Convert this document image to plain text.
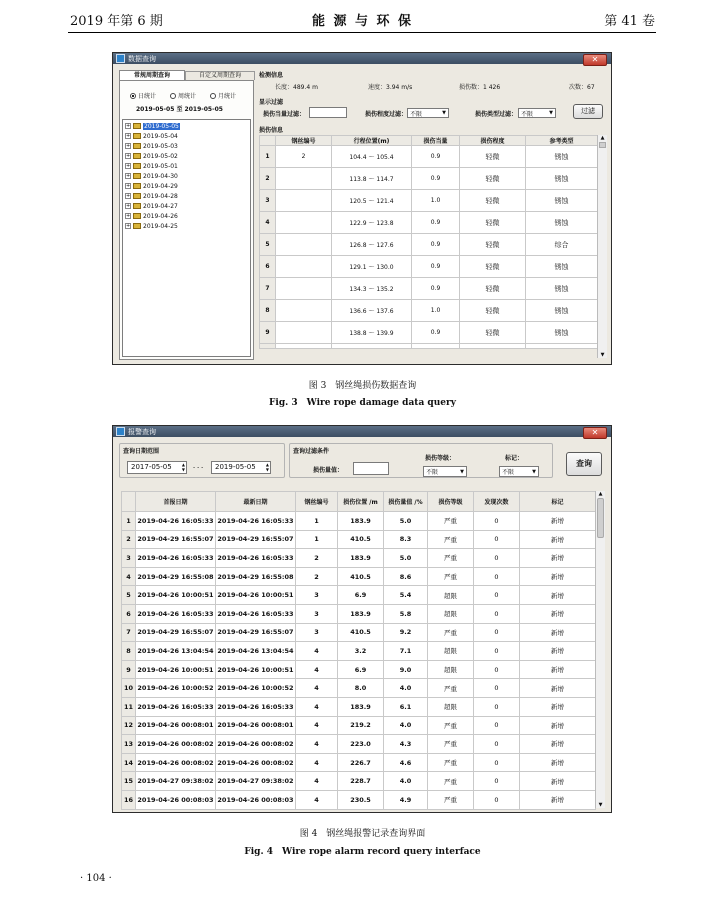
2019 年第 6 期	能 源 与 环 保	第 41 卷
数据查询	✕
常规周期查询	自定义周期查询
日统计	周统计	月统计
2019-05-05 至 2019-05-05
+ 2019-05-05
+ 2019-05-04
+ 2019-05-03
+ 2019-05-02
+ 2019-05-01
+ 2019-04-30
+ 2019-04-29
+ 2019-04-28
+ 2019-04-27
+ 2019-04-26
+ 2019-04-25
检测信息
长度：489.4 m	速度：3.94 m/s	损伤数：1 426	次数：67
显示过滤
损伤当量过滤：	损伤程度过滤： 不限
▼	损伤类型过滤： 不限
▼	过滤
损伤信息
	钢丝编号	行程位置(m)	损伤当量	损伤程度	参考类型
1	2	104.4 ～ 105.4	0.9	轻微	锈蚀
2		113.8 ～ 114.7	0.9	轻微	锈蚀
3		120.5 ～ 121.4	1.0	轻微	锈蚀
4		122.9 ～ 123.8	0.9	轻微	锈蚀
5		126.8 ～ 127.6	0.9	轻微	综合
6		129.1 ～ 130.0	0.9	轻微	锈蚀
7		134.3 ～ 135.2	0.9	轻微	锈蚀
8		136.6 ～ 137.6	1.0	轻微	锈蚀
9		138.8 ～ 139.9	0.9	轻微	锈蚀

▲
▼
图 3　钢丝绳损伤数据查询
Fig. 3　Wire rope damage data query
报警查询	✕
查询日期范围
2017-05-05	▲
▼ - - -	2019-05-05	▲
▼
查询过滤条件
损伤量值：
损伤等级：
不限
▼
标记：
不限
▼
查询
	首报日期	最新日期	钢丝编号	损伤位置 /m	损伤量值 /%	损伤等级	发现次数	标记
1	2019-04-26 16:05:33	2019-04-26 16:05:33	1	183.9	5.0	严重	0	新增
2	2019-04-29 16:55:07	2019-04-29 16:55:07	1	410.5	8.3	严重	0	新增
3	2019-04-26 16:05:33	2019-04-26 16:05:33	2	183.9	5.0	严重	0	新增
4	2019-04-29 16:55:08	2019-04-29 16:55:08	2	410.5	8.6	严重	0	新增
5	2019-04-26 10:00:51	2019-04-26 10:00:51	3	6.9	5.4	超限	0	新增
6	2019-04-26 16:05:33	2019-04-26 16:05:33	3	183.9	5.8	超限	0	新增
7	2019-04-29 16:55:07	2019-04-29 16:55:07	3	410.5	9.2	严重	0	新增
8	2019-04-26 13:04:54	2019-04-26 13:04:54	4	3.2	7.1	超限	0	新增
9	2019-04-26 10:00:51	2019-04-26 10:00:51	4	6.9	9.0	超限	0	新增
10	2019-04-26 10:00:52	2019-04-26 10:00:52	4	8.0	4.0	严重	0	新增
11	2019-04-26 16:05:33	2019-04-26 16:05:33	4	183.9	6.1	超限	0	新增
12	2019-04-26 00:08:01	2019-04-26 00:08:01	4	219.2	4.0	严重	0	新增
13	2019-04-26 00:08:02	2019-04-26 00:08:02	4	223.0	4.3	严重	0	新增
14	2019-04-26 00:08:02	2019-04-26 00:08:02	4	226.7	4.6	严重	0	新增
15	2019-04-27 09:38:02	2019-04-27 09:38:02	4	228.7	4.0	严重	0	新增
16	2019-04-26 00:08:03	2019-04-26 00:08:03	4	230.5	4.9	严重	0	新增
▲
▼
图 4　钢丝绳报警记录查询界面
Fig. 4　Wire rope alarm record query interface
· 104 ·
